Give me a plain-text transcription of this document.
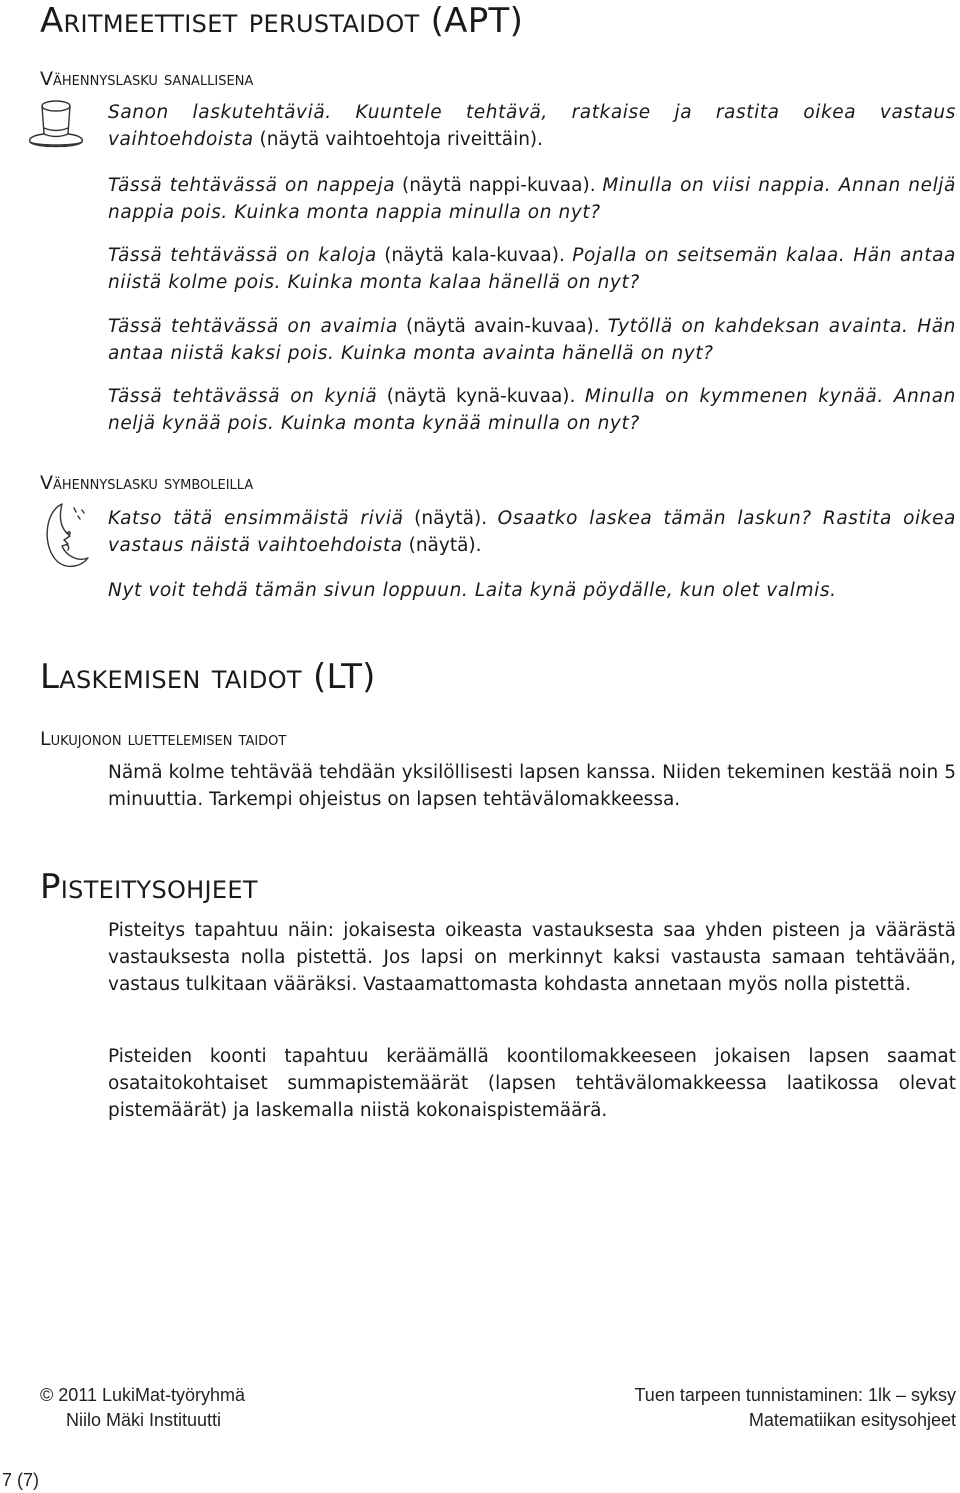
Aritmeettiset perustaidot (APT)
Vähennyslasku sanallisena

Sanon laskutehtäviä. Kuuntele tehtävä, ratkaise ja rastita oikea vastaus vaihtoehdoista (näytä vaihtoehtoja riveittäin).

Tässä tehtävässä on nappeja (näytä nappi-kuvaa). Minulla on viisi nappia. Annan neljä nappia pois. Kuinka monta nappia minulla on nyt?

Tässä tehtävässä on kaloja (näytä kala-kuvaa). Pojalla on seitsemän kalaa. Hän antaa niistä kolme pois. Kuinka monta kalaa hänellä on nyt?

Tässä tehtävässä on avaimia (näytä avain-kuvaa). Tytöllä on kahdeksan avainta. Hän antaa niistä kaksi pois. Kuinka monta avainta hänellä on nyt?

Tässä tehtävässä on kyniä (näytä kynä-kuvaa). Minulla on kymmenen kynää. Annan neljä kynää pois. Kuinka monta kynää minulla on nyt?

Vähennyslasku symboleilla

Katso tätä ensimmäistä riviä (näytä). Osaatko laskea tämän laskun? Rastita oikea vastaus näistä vaihtoehdoista (näytä).

Nyt voit tehdä tämän sivun loppuun. Laita kynä pöydälle, kun olet valmis.

Laskemisen taidot (LT)
Lukujonon luettelemisen taidot

Nämä kolme tehtävää tehdään yksilöllisesti lapsen kanssa. Niiden tekeminen kestää noin 5 minuuttia. Tarkempi ohjeistus on lapsen tehtävälomakkeessa.

Pisteitysohjeet

Pisteitys tapahtuu näin: jokaisesta oikeasta vastauksesta saa yhden pisteen ja väärästä vastauksesta nolla pistettä. Jos lapsi on merkinnyt kaksi vastausta samaan tehtävään, vastaus tulkitaan vääräksi. Vastaamattomasta kohdasta annetaan myös nolla pistettä.

Pisteiden koonti tapahtuu keräämällä koontilomakkeeseen jokaisen lapsen saamat osataitokohtaiset summapistemäärät (lapsen tehtävälomakkeessa laatikossa olevat pistemäärät) ja laskemalla niistä kokonaispistemäärä.

© 2011 LukiMat-työryhmä
Niilo Mäki Instituutti
Tuen tarpeen tunnistaminen: 1lk – syksy
Matematiikan esitysohjeet
7 (7)
